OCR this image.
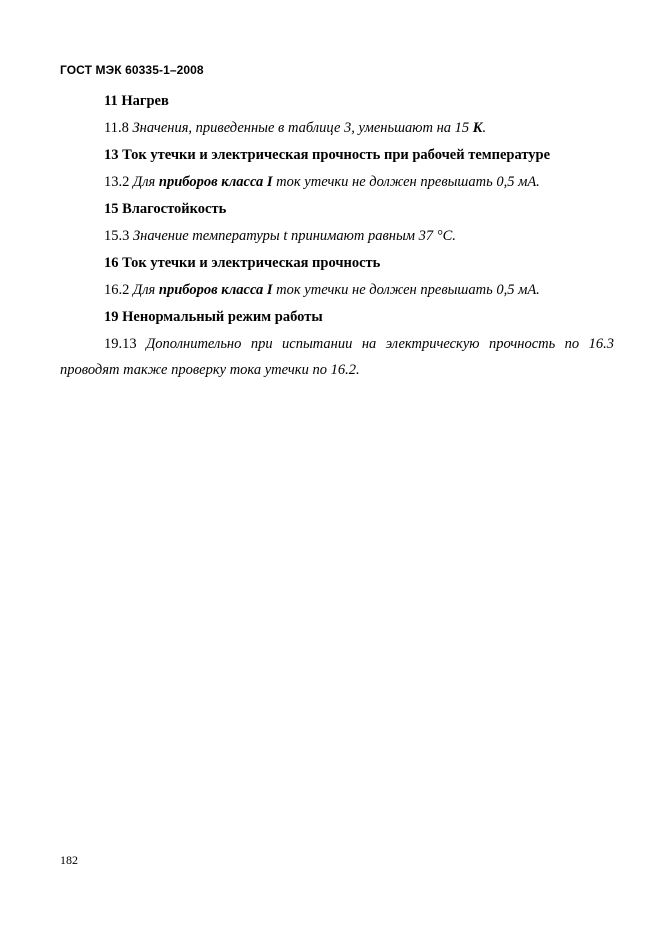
ГОСТ МЭК 60335-1–2008
11 Нагрев
11.8 Значения, приведенные в таблице 3, уменьшают на 15 K.
13 Ток утечки и электрическая прочность при рабочей температуре
13.2 Для приборов класса I ток утечки не должен превышать 0,5 мА.
15 Влагостойкость
15.3 Значение температуры t принимают равным 37 °С.
16 Ток утечки и электрическая прочность
16.2 Для приборов класса I ток утечки не должен превышать 0,5 мА.
19 Ненормальный режим работы
19.13 Дополнительно при испытании на электрическую прочность по 16.3
проводят также проверку тока утечки по 16.2.
182
